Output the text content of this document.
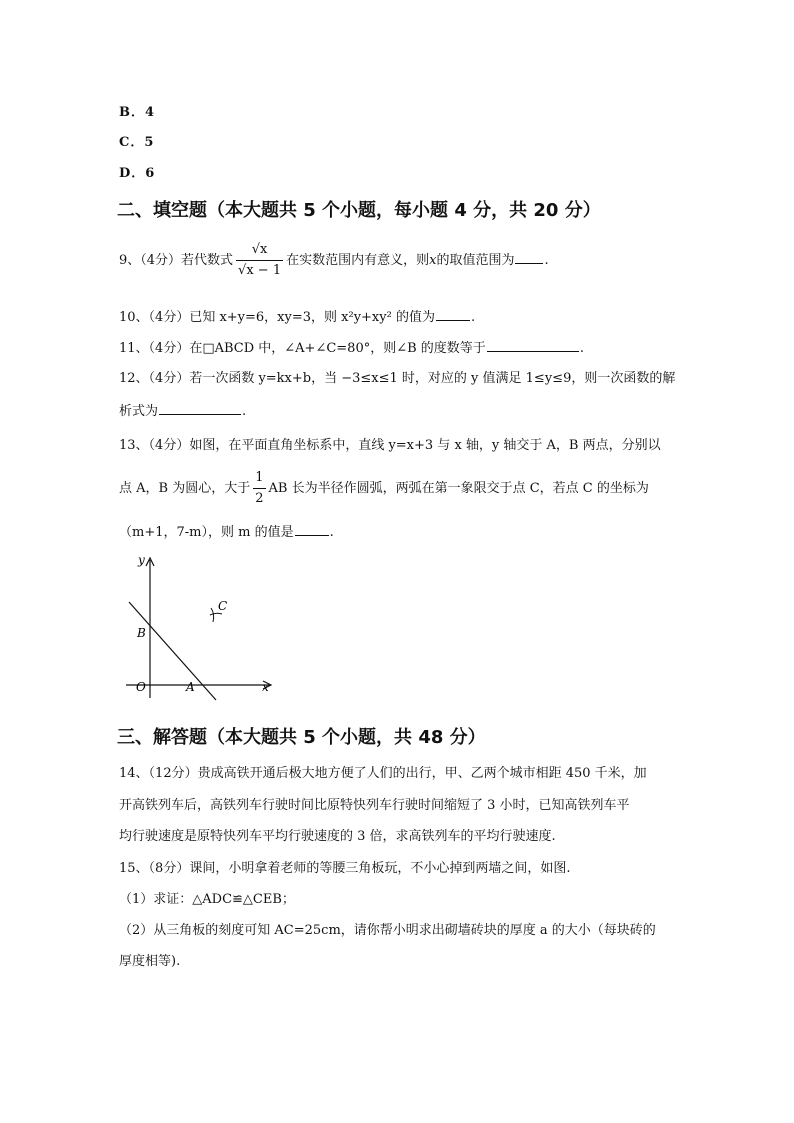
B．4
C．5
D．6
二、填空题（本大题共 5 个小题，每小题 4 分，共 20 分）
9、（4分）若代数式 $\frac{√x}{√x - 1}$ 在实数范围内有意义，则x的取值范围为 .
10、（4分）已知 x+y=6，xy=3，则 x²y+xy² 的值为	.
11、（4分）在□ABCD 中，∠A+∠C=80°，则∠B 的度数等于	.
12、（4分）若一次函数 y=kx+b，当 −3≤x≤1 时，对应的 y 值满足 1≤y≤9，则一次函数的解
析式为	.
13、（4分）如图，在平面直角坐标系中，直线 y=x+3 与 x 轴，y 轴交于 A，B 两点，分别以
点 A，B 为圆心，大于 $\frac{1}{2}$ AB 长为半径作圆弧，两弧在第一象限交于点 C，若点 C 的坐标为
（m+1，7-m），则 m 的值是	.
y
x
O	A
B
C
三、解答题（本大题共 5 个小题，共 48 分）
14、（12分）贵成高铁开通后极大地方便了人们的出行，甲、乙两个城市相距 450 千米，加
开高铁列车后，高铁列车行驶时间比原特快列车行驶时间缩短了 3 小时，已知高铁列车平
均行驶速度是原特快列车平均行驶速度的 3 倍，求高铁列车的平均行驶速度.
15、（8分）课间，小明拿着老师的等腰三角板玩，不小心掉到两墙之间，如图.
（1）求证：△ADC≌△CEB；
（2）从三角板的刻度可知 AC=25cm，请你帮小明求出砌墙砖块的厚度 a 的大小（每块砖的
厚度相等).
